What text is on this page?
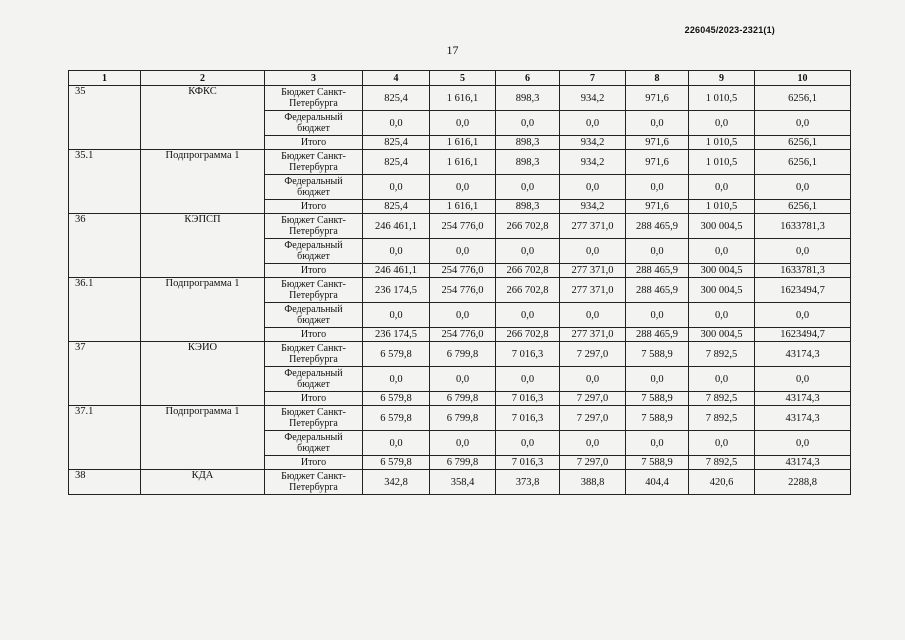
226045/2023-2321(1)
17
1	2	3	4	5	6	7	8	9	10
35	КФКС	Бюджет Санкт-Петербурга	825,4	1 616,1	898,3	934,2	971,6	1 010,5	6256,1
		Федеральный бюджет	0,0	0,0	0,0	0,0	0,0	0,0	0,0
		Итого	825,4	1 616,1	898,3	934,2	971,6	1 010,5	6256,1
35.1	Подпрограмма 1	Бюджет Санкт-Петербурга	825,4	1 616,1	898,3	934,2	971,6	1 010,5	6256,1
		Федеральный бюджет	0,0	0,0	0,0	0,0	0,0	0,0	0,0
		Итого	825,4	1 616,1	898,3	934,2	971,6	1 010,5	6256,1
36	КЭПСП	Бюджет Санкт-Петербурга	246 461,1	254 776,0	266 702,8	277 371,0	288 465,9	300 004,5	1633781,3
		Федеральный бюджет	0,0	0,0	0,0	0,0	0,0	0,0	0,0
		Итого	246 461,1	254 776,0	266 702,8	277 371,0	288 465,9	300 004,5	1633781,3
36.1	Подпрограмма 1	Бюджет Санкт-Петербурга	236 174,5	254 776,0	266 702,8	277 371,0	288 465,9	300 004,5	1623494,7
		Федеральный бюджет	0,0	0,0	0,0	0,0	0,0	0,0	0,0
		Итого	236 174,5	254 776,0	266 702,8	277 371,0	288 465,9	300 004,5	1623494,7
37	КЭИО	Бюджет Санкт-Петербурга	6 579,8	6 799,8	7 016,3	7 297,0	7 588,9	7 892,5	43174,3
		Федеральный бюджет	0,0	0,0	0,0	0,0	0,0	0,0	0,0
		Итого	6 579,8	6 799,8	7 016,3	7 297,0	7 588,9	7 892,5	43174,3
37.1	Подпрограмма 1	Бюджет Санкт-Петербурга	6 579,8	6 799,8	7 016,3	7 297,0	7 588,9	7 892,5	43174,3
		Федеральный бюджет	0,0	0,0	0,0	0,0	0,0	0,0	0,0
		Итого	6 579,8	6 799,8	7 016,3	7 297,0	7 588,9	7 892,5	43174,3
38	КДА	Бюджет Санкт-Петербурга	342,8	358,4	373,8	388,8	404,4	420,6	2288,8
